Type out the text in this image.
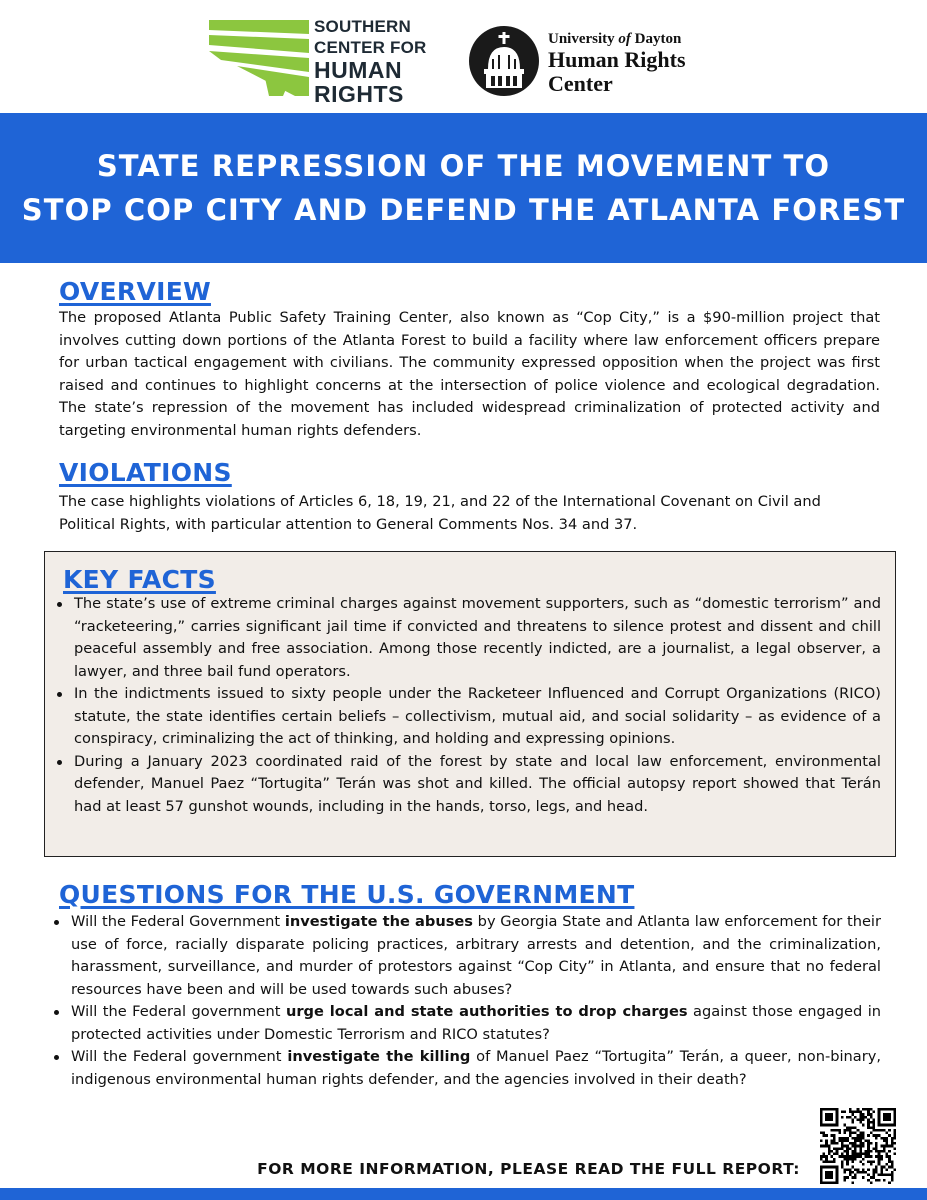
SOUTHERN
CENTER FOR
HUMAN
RIGHTS
University of Dayton
Human Rights
Center
STATE REPRESSION OF THE MOVEMENT TO
STOP COP CITY AND DEFEND THE ATLANTA FOREST
OVERVIEW

The proposed Atlanta Public Safety Training Center, also known as “Cop City,” is a $90-million project that involves cutting down portions of the Atlanta Forest to build a facility where law enforcement officers prepare for urban tactical engagement with civilians. The community expressed opposition when the project was first raised and continues to highlight concerns at the intersection of police violence and ecological degradation. The state’s repression of the movement has included widespread criminalization of protected activity and targeting environmental human rights defenders.

VIOLATIONS

The case highlights violations of Articles 6, 18, 19, 21, and 22 of the International Covenant on Civil and Political Rights, with particular attention to General Comments Nos. 34 and 37.

KEY FACTS
The state’s use of extreme criminal charges against movement supporters, such as “domestic terrorism” and “racketeering,” carries significant jail time if convicted and threatens to silence protest and dissent and chill peaceful assembly and free association. Among those recently indicted, are a journalist, a legal observer, a lawyer, and three bail fund operators.
In the indictments issued to sixty people under the Racketeer Influenced and Corrupt Organizations (RICO) statute, the state identifies certain beliefs – collectivism, mutual aid, and social solidarity – as evidence of a conspiracy, criminalizing the act of thinking, and holding and expressing opinions.
During a January 2023 coordinated raid of the forest by state and local law enforcement, environmental defender, Manuel Paez “Tortugita” Terán was shot and killed. The official autopsy report showed that Terán had at least 57 gunshot wounds, including in the hands, torso, legs, and head.
QUESTIONS FOR THE U.S. GOVERNMENT
Will the Federal Government investigate the abuses by Georgia State and Atlanta law enforcement for their use of force, racially disparate policing practices, arbitrary arrests and detention, and the criminalization, harassment, surveillance, and murder of protestors against “Cop City” in Atlanta, and ensure that no federal resources have been and will be used towards such abuses?
Will the Federal government urge local and state authorities to drop charges against those engaged in protected activities under Domestic Terrorism and RICO statutes?
Will the Federal government investigate the killing of Manuel Paez “Tortugita” Terán, a queer, non-binary, indigenous environmental human rights defender, and the agencies involved in their death?
FOR MORE INFORMATION, PLEASE READ THE FULL REPORT:
